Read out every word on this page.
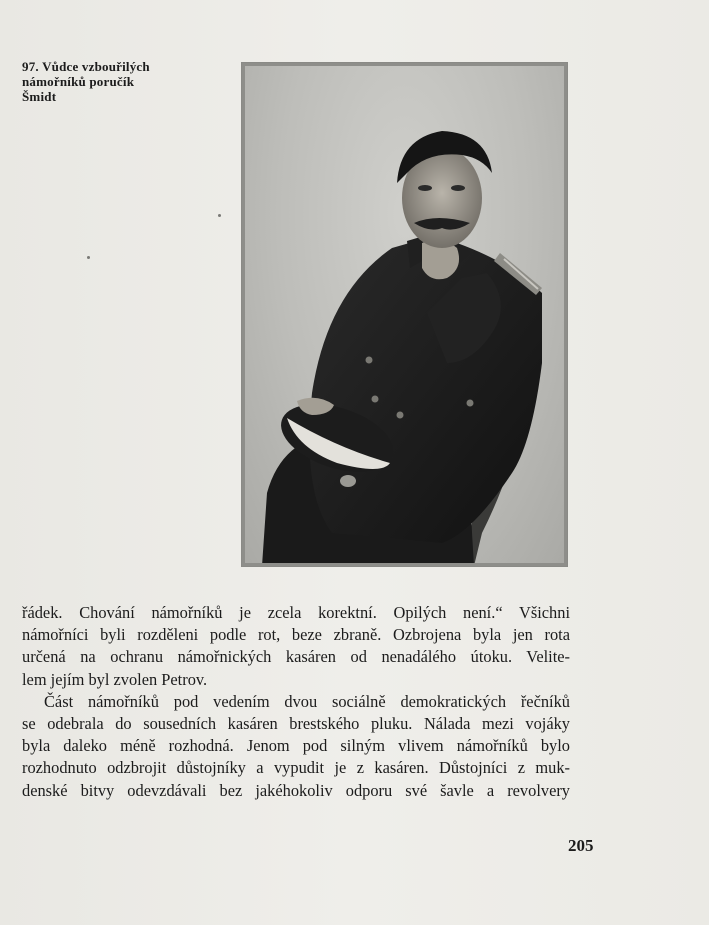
97. Vůdce vzbouřilých
námořníků poručík
Šmidt
řádek. Chování námořníků je zcela korektní. Opilých není.“ Všichni
námořníci byli rozděleni podle rot, beze zbraně. Ozbrojena byla jen rota
určená na ochranu námořnických kasáren od nenadálého útoku. Velite-
lem jejím byl zvolen Petrov.
Část námořníků pod vedením dvou sociálně demokratických řečníků
se odebrala do sousedních kasáren brestského pluku. Nálada mezi vojáky
byla daleko méně rozhodná. Jenom pod silným vlivem námořníků bylo
rozhodnuto odzbrojit důstojníky a vypudit je z kasáren. Důstojníci z muk-
denské bitvy odevzdávali bez jakéhokoliv odporu své šavle a revolvery
205
